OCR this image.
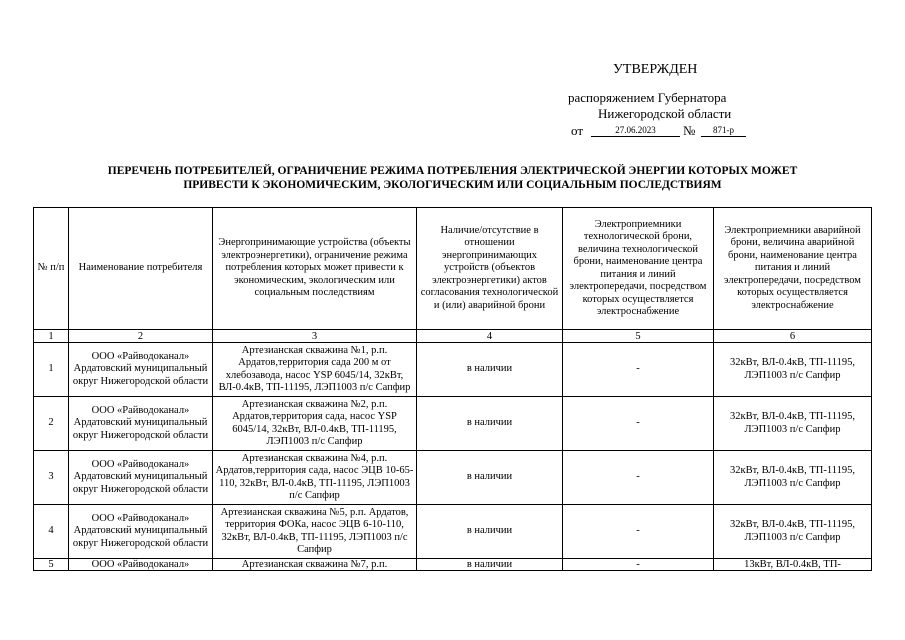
УТВЕРЖДЕН
распоряжением Губернатора
Нижегородской области
от	27.06.2023	№	871-р
ПЕРЕЧЕНЬ ПОТРЕБИТЕЛЕЙ, ОГРАНИЧЕНИЕ РЕЖИМА ПОТРЕБЛЕНИЯ ЭЛЕКТРИЧЕСКОЙ ЭНЕРГИИ КОТОРЫХ МОЖЕТ
ПРИВЕСТИ К ЭКОНОМИЧЕСКИМ, ЭКОЛОГИЧЕСКИМ ИЛИ СОЦИАЛЬНЫМ ПОСЛЕДСТВИЯМ
№ п/п	Наименование потребителя	Энергопринимающие устройства (объекты электроэнергетики), ограничение режима потребления которых может привести к экономическим, экологическим или социальным последствиям	Наличие/отсутствие в отношении энергопринимающих устройств (объектов электроэнергетики) актов согласования технологической и (или) аварийной брони	Электроприемники технологической брони, величина технологической брони, наименование центра питания и линий электропередачи, посредством которых осуществляется электроснабжение	Электроприемники аварийной брони, величина аварийной брони, наименование центра питания и линий электропередачи, посредством которых осуществляется электроснабжение
1	2	3	4	5	6
1	ООО «Райводоканал» Ардатовский муниципальный округ Нижегородской области	Артезианская скважина №1, р.п. Ардатов,территория сада 200 м от хлебозавода, насос YSP 6045/14, 32кВт, ВЛ-0.4кВ, ТП-11195, ЛЭП1003 п/с Сапфир	в наличии	-	32кВт, ВЛ-0.4кВ, ТП-11195, ЛЭП1003 п/с Сапфир
2	ООО «Райводоканал» Ардатовский муниципальный округ Нижегородской области	Артезианская скважина №2, р.п. Ардатов,территория сада, насос YSP 6045/14, 32кВт, ВЛ-0.4кВ, ТП-11195, ЛЭП1003 п/с Сапфир	в наличии	-	32кВт, ВЛ-0.4кВ, ТП-11195, ЛЭП1003 п/с Сапфир
3	ООО «Райводоканал» Ардатовский муниципальный округ Нижегородской области	Артезианская скважина №4, р.п. Ардатов,территория сада, насос ЭЦВ 10-65-110, 32кВт, ВЛ-0.4кВ, ТП-11195, ЛЭП1003 п/с Сапфир	в наличии	-	32кВт, ВЛ-0.4кВ, ТП-11195, ЛЭП1003 п/с Сапфир
4	ООО «Райводоканал» Ардатовский муниципальный округ Нижегородской области	Артезианская скважина №5, р.п. Ардатов, территория ФОКа, насос ЭЦВ 6-10-110, 32кВт, ВЛ-0.4кВ, ТП-11195, ЛЭП1003 п/с Сапфир	в наличии	-	32кВт, ВЛ-0.4кВ, ТП-11195, ЛЭП1003 п/с Сапфир
5	ООО «Райводоканал»	Артезианская скважина №7, р.п.	в наличии	-	13кВт, ВЛ-0.4кВ, ТП-
